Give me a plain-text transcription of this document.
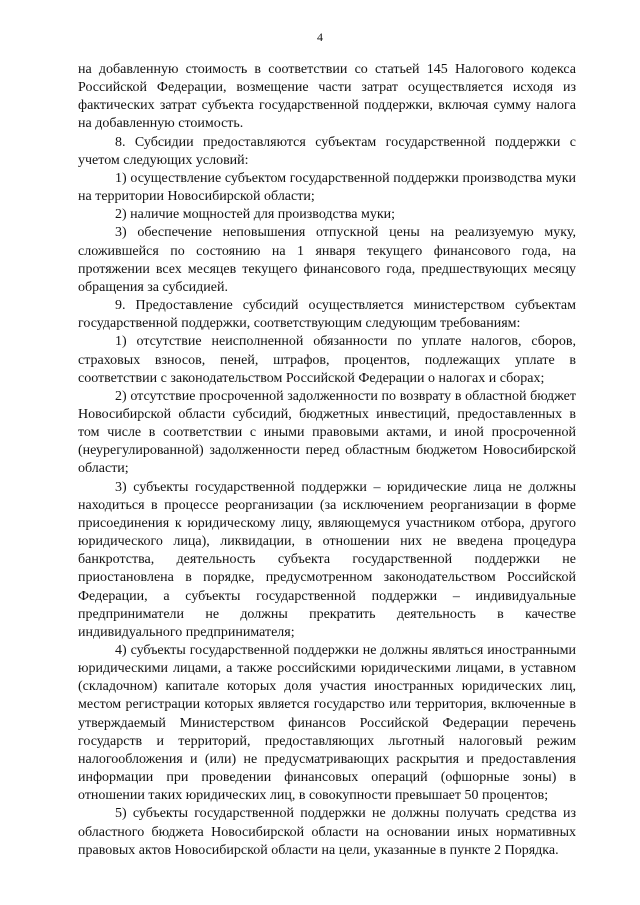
4

на добавленную стоимость в соответствии со статьей 145 Налогового кодекса Российской Федерации, возмещение части затрат осуществляется исходя из фактических затрат субъекта государственной поддержки, включая сумму налога на добавленную стоимость.

8. Субсидии предоставляются субъектам государственной поддержки с учетом следующих условий:

1) осуществление субъектом государственной поддержки производства муки на территории Новосибирской области;

2) наличие мощностей для производства муки;

3) обеспечение неповышения отпускной цены на реализуемую муку, сложившейся по состоянию на 1 января текущего финансового года, на протяжении всех месяцев текущего финансового года, предшествующих месяцу обращения за субсидией.

9. Предоставление субсидий осуществляется министерством субъектам государственной поддержки, соответствующим следующим требованиям:

1) отсутствие неисполненной обязанности по уплате налогов, сборов, страховых взносов, пеней, штрафов, процентов, подлежащих уплате в соответствии с законодательством Российской Федерации о налогах и сборах;

2) отсутствие просроченной задолженности по возврату в областной бюджет Новосибирской области субсидий, бюджетных инвестиций, предоставленных в том числе в соответствии с иными правовыми актами, и иной просроченной (неурегулированной) задолженности перед областным бюджетом Новосибирской области;

3) субъекты государственной поддержки – юридические лица не должны находиться в процессе реорганизации (за исключением реорганизации в форме присоединения к юридическому лицу, являющемуся участником отбора, другого юридического лица), ликвидации, в отношении них не введена процедура банкротства, деятельность субъекта государственной поддержки не приостановлена в порядке, предусмотренном законодательством Российской Федерации, а субъекты государственной поддержки – индивидуальные предприниматели не должны прекратить деятельность в качестве индивидуального предпринимателя;

4) субъекты государственной поддержки не должны являться иностранными юридическими лицами, а также российскими юридическими лицами, в уставном (складочном) капитале которых доля участия иностранных юридических лиц, местом регистрации которых является государство или территория, включенные в утверждаемый Министерством финансов Российской Федерации перечень государств и территорий, предоставляющих льготный налоговый режим налогообложения и (или) не предусматривающих раскрытия и предоставления информации при проведении финансовых операций (офшорные зоны) в отношении таких юридических лиц, в совокупности превышает 50 процентов;

5) субъекты государственной поддержки не должны получать средства из областного бюджета Новосибирской области на основании иных нормативных правовых актов Новосибирской области на цели, указанные в пункте 2 Порядка.
